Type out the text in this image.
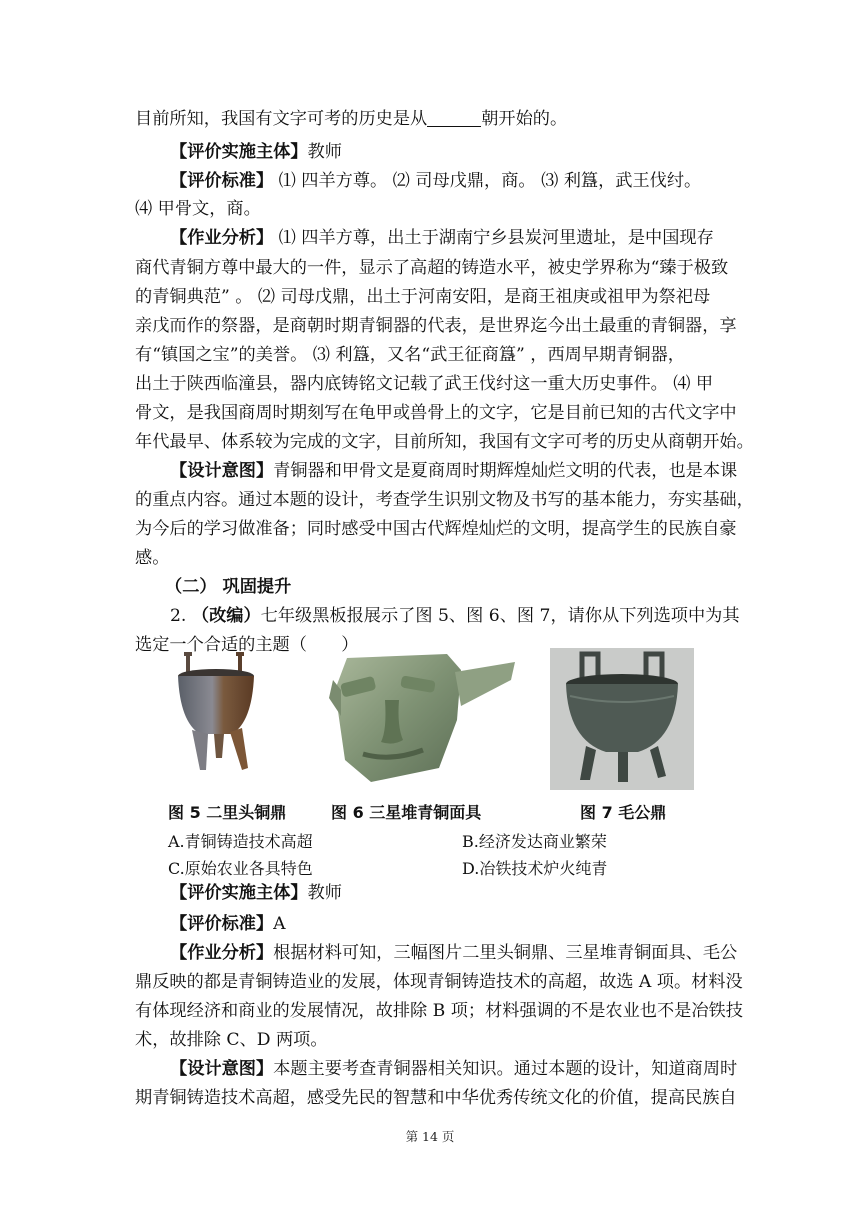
目前所知，我国有文字可考的历史是从	朝开始的。
【评价实施主体】教师
【评价标准】 ⑴ 四羊方尊。 ⑵ 司母戊鼎，商。 ⑶ 利簋，武王伐纣。
⑷ 甲骨文，商。
【作业分析】 ⑴ 四羊方尊，出土于湖南宁乡县炭河里遗址，是中国现存
商代青铜方尊中最大的一件，显示了高超的铸造水平，被史学界称为“臻于极致
的青铜典范” 。 ⑵ 司母戊鼎，出土于河南安阳，是商王祖庚或祖甲为祭祀母
亲戊而作的祭器，是商朝时期青铜器的代表，是世界迄今出土最重的青铜器，享
有“镇国之宝”的美誉。 ⑶ 利簋，又名“武王征商簋” ，西周早期青铜器，
出土于陕西临潼县，器内底铸铭文记载了武王伐纣这一重大历史事件。 ⑷ 甲
骨文，是我国商周时期刻写在龟甲或兽骨上的文字，它是目前已知的古代文字中
年代最早、体系较为完成的文字，目前所知，我国有文字可考的历史从商朝开始。
【设计意图】青铜器和甲骨文是夏商周时期辉煌灿烂文明的代表，也是本课
的重点内容。通过本题的设计，考查学生识别文物及书写的基本能力，夯实基础，
为今后的学习做准备；同时感受中国古代辉煌灿烂的文明，提高学生的民族自豪
感。
（二） 巩固提升
2. （改编）七年级黑板报展示了图 5、图 6、图 7，请你从下列选项中为其
选定一个合适的主题（　　）
图 5 二里头铜鼎	图 6 三星堆青铜面具	图 7 毛公鼎
A.青铜铸造技术高超	B.经济发达商业繁荣
C.原始农业各具特色	D.冶铁技术炉火纯青
【评价实施主体】教师
【评价标准】A
【作业分析】根据材料可知，三幅图片二里头铜鼎、三星堆青铜面具、毛公
鼎反映的都是青铜铸造业的发展，体现青铜铸造技术的高超，故选 A 项。材料没
有体现经济和商业的发展情况，故排除 B 项；材料强调的不是农业也不是冶铁技
术，故排除 C、D 两项。
【设计意图】本题主要考查青铜器相关知识。通过本题的设计，知道商周时
期青铜铸造技术高超，感受先民的智慧和中华优秀传统文化的价值，提高民族自
第 14 页
